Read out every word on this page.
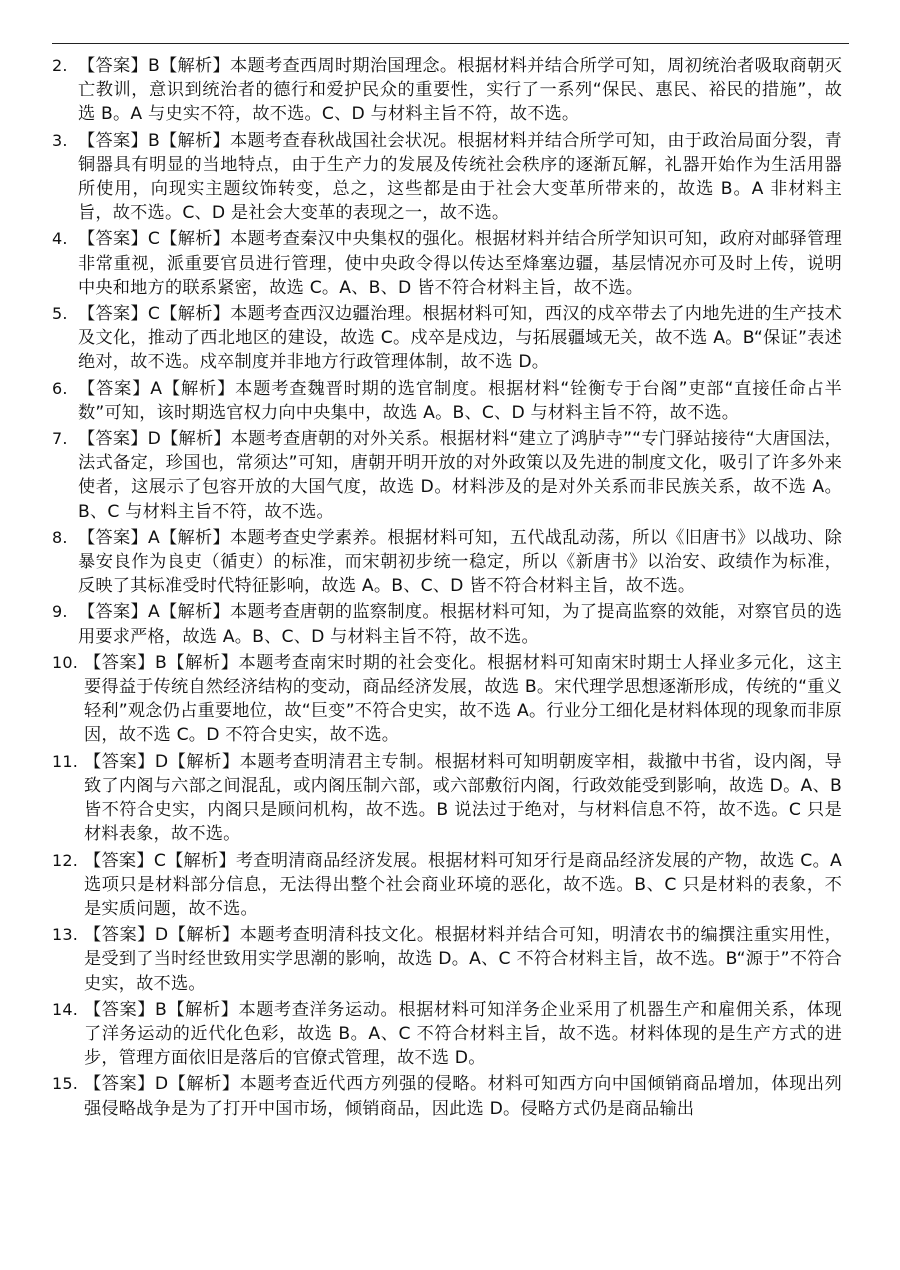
2. 【答案】B【解析】本题考查西周时期治国理念。根据材料并结合所学可知，周初统治者吸取商朝灭亡教训，意识到统治者的德行和爱护民众的重要性，实行了一系列“保民、惠民、裕民的措施”，故选 B。A 与史实不符，故不选。C、D 与材料主旨不符，故不选。
3. 【答案】B【解析】本题考查春秋战国社会状况。根据材料并结合所学可知，由于政治局面分裂，青铜器具有明显的当地特点，由于生产力的发展及传统社会秩序的逐渐瓦解，礼器开始作为生活用器所使用，向现实主题纹饰转变，总之，这些都是由于社会大变革所带来的，故选 B。A 非材料主旨，故不选。C、D 是社会大变革的表现之一，故不选。
4. 【答案】C【解析】本题考查秦汉中央集权的强化。根据材料并结合所学知识可知，政府对邮驿管理非常重视，派重要官员进行管理，使中央政令得以传达至烽塞边疆，基层情况亦可及时上传，说明中央和地方的联系紧密，故选 C。A、B、D 皆不符合材料主旨，故不选。
5. 【答案】C【解析】本题考查西汉边疆治理。根据材料可知，西汉的戍卒带去了内地先进的生产技术及文化，推动了西北地区的建设，故选 C。戍卒是戍边，与拓展疆域无关，故不选 A。B“保证”表述绝对，故不选。戍卒制度并非地方行政管理体制，故不选 D。
6. 【答案】A【解析】本题考查魏晋时期的选官制度。根据材料“铨衡专于台阁”吏部“直接任命占半数”可知，该时期选官权力向中央集中，故选 A。B、C、D 与材料主旨不符，故不选。
7. 【答案】D【解析】本题考查唐朝的对外关系。根据材料“建立了鸿胪寺”“专门驿站接待“大唐国法，法式备定，珍国也，常须达”可知，唐朝开明开放的对外政策以及先进的制度文化，吸引了许多外来使者，这展示了包容开放的大国气度，故选 D。材料涉及的是对外关系而非民族关系，故不选 A。B、C 与材料主旨不符，故不选。
8. 【答案】A【解析】本题考查史学素养。根据材料可知，五代战乱动荡，所以《旧唐书》以战功、除暴安良作为良吏（循吏）的标准，而宋朝初步统一稳定，所以《新唐书》以治安、政绩作为标准，反映了其标准受时代特征影响，故选 A。B、C、D 皆不符合材料主旨，故不选。
9. 【答案】A【解析】本题考查唐朝的监察制度。根据材料可知，为了提高监察的效能，对察官员的选用要求严格，故选 A。B、C、D 与材料主旨不符，故不选。
10. 【答案】B【解析】本题考查南宋时期的社会变化。根据材料可知南宋时期士人择业多元化，这主要得益于传统自然经济结构的变动，商品经济发展，故选 B。宋代理学思想逐渐形成，传统的“重义轻利”观念仍占重要地位，故“巨变”不符合史实，故不选 A。行业分工细化是材料体现的现象而非原因，故不选 C。D 不符合史实，故不选。
11. 【答案】D【解析】本题考查明清君主专制。根据材料可知明朝废宰相，裁撤中书省，设内阁，导致了内阁与六部之间混乱，或内阁压制六部，或六部敷衍内阁，行政效能受到影响，故选 D。A、B 皆不符合史实，内阁只是顾问机构，故不选。B 说法过于绝对，与材料信息不符，故不选。C 只是材料表象，故不选。
12. 【答案】C【解析】考查明清商品经济发展。根据材料可知牙行是商品经济发展的产物，故选 C。A 选项只是材料部分信息，无法得出整个社会商业环境的恶化，故不选。B、C 只是材料的表象，不是实质问题，故不选。
13. 【答案】D【解析】本题考查明清科技文化。根据材料并结合可知，明清农书的编撰注重实用性，是受到了当时经世致用实学思潮的影响，故选 D。A、C 不符合材料主旨，故不选。B“源于”不符合史实，故不选。
14. 【答案】B【解析】本题考查洋务运动。根据材料可知洋务企业采用了机器生产和雇佣关系，体现了洋务运动的近代化色彩，故选 B。A、C 不符合材料主旨，故不选。材料体现的是生产方式的进步，管理方面依旧是落后的官僚式管理，故不选 D。
15. 【答案】D【解析】本题考查近代西方列强的侵略。材料可知西方向中国倾销商品增加，体现出列强侵略战争是为了打开中国市场，倾销商品，因此选 D。侵略方式仍是商品输出
